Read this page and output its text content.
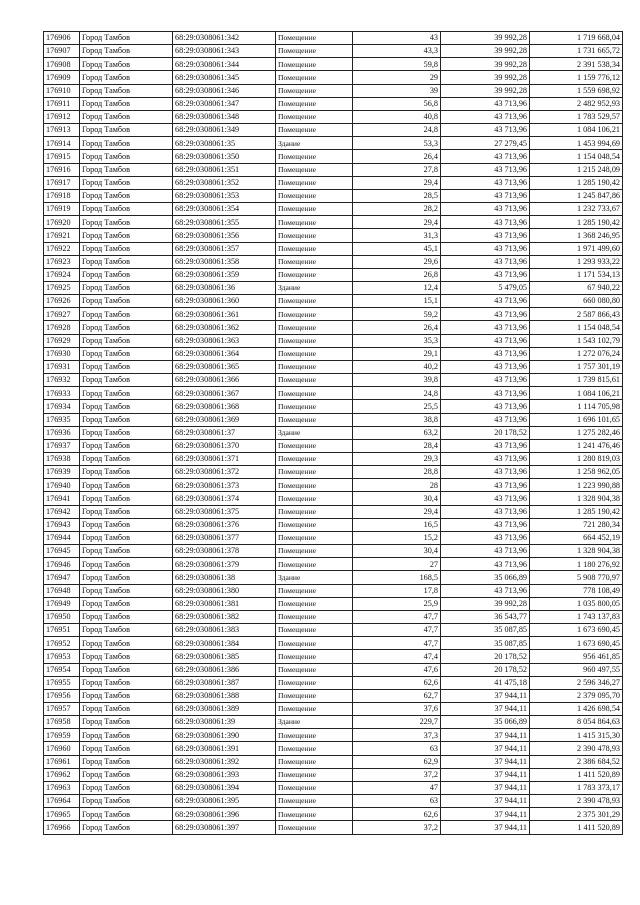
176906	Город Тамбов	68:29:0308061:342	Помещение	43	39 992,28	1 719 668,04
176907	Город Тамбов	68:29:0308061:343	Помещение	43,3	39 992,28	1 731 665,72
176908	Город Тамбов	68:29:0308061:344	Помещение	59,8	39 992,28	2 391 538,34
176909	Город Тамбов	68:29:0308061:345	Помещение	29	39 992,28	1 159 776,12
176910	Город Тамбов	68:29:0308061:346	Помещение	39	39 992,28	1 559 698,92
176911	Город Тамбов	68:29:0308061:347	Помещение	56,8	43 713,96	2 482 952,93
176912	Город Тамбов	68:29:0308061:348	Помещение	40,8	43 713,96	1 783 529,57
176913	Город Тамбов	68:29:0308061:349	Помещение	24,8	43 713,96	1 084 106,21
176914	Город Тамбов	68:29:0308061:35	Здание	53,3	27 279,45	1 453 994,69
176915	Город Тамбов	68:29:0308061:350	Помещение	26,4	43 713,96	1 154 048,54
176916	Город Тамбов	68:29:0308061:351	Помещение	27,8	43 713,96	1 215 248,09
176917	Город Тамбов	68:29:0308061:352	Помещение	29,4	43 713,96	1 285 190,42
176918	Город Тамбов	68:29:0308061:353	Помещение	28,5	43 713,96	1 245 847,86
176919	Город Тамбов	68:29:0308061:354	Помещение	28,2	43 713,96	1 232 733,67
176920	Город Тамбов	68:29:0308061:355	Помещение	29,4	43 713,96	1 285 190,42
176921	Город Тамбов	68:29:0308061:356	Помещение	31,3	43 713,96	1 368 246,95
176922	Город Тамбов	68:29:0308061:357	Помещение	45,1	43 713,96	1 971 499,60
176923	Город Тамбов	68:29:0308061:358	Помещение	29,6	43 713,96	1 293 933,22
176924	Город Тамбов	68:29:0308061:359	Помещение	26,8	43 713,96	1 171 534,13
176925	Город Тамбов	68:29:0308061:36	Здание	12,4	5 479,05	67 940,22
176926	Город Тамбов	68:29:0308061:360	Помещение	15,1	43 713,96	660 080,80
176927	Город Тамбов	68:29:0308061:361	Помещение	59,2	43 713,96	2 587 866,43
176928	Город Тамбов	68:29:0308061:362	Помещение	26,4	43 713,96	1 154 048,54
176929	Город Тамбов	68:29:0308061:363	Помещение	35,3	43 713,96	1 543 102,79
176930	Город Тамбов	68:29:0308061:364	Помещение	29,1	43 713,96	1 272 076,24
176931	Город Тамбов	68:29:0308061:365	Помещение	40,2	43 713,96	1 757 301,19
176932	Город Тамбов	68:29:0308061:366	Помещение	39,8	43 713,96	1 739 815,61
176933	Город Тамбов	68:29:0308061:367	Помещение	24,8	43 713,96	1 084 106,21
176934	Город Тамбов	68:29:0308061:368	Помещение	25,5	43 713,96	1 114 705,98
176935	Город Тамбов	68:29:0308061:369	Помещение	38,8	43 713,96	1 696 101,65
176936	Город Тамбов	68:29:0308061:37	Здание	63,2	20 178,52	1 275 282,46
176937	Город Тамбов	68:29:0308061:370	Помещение	28,4	43 713,96	1 241 476,46
176938	Город Тамбов	68:29:0308061:371	Помещение	29,3	43 713,96	1 280 819,03
176939	Город Тамбов	68:29:0308061:372	Помещение	28,8	43 713,96	1 258 962,05
176940	Город Тамбов	68:29:0308061:373	Помещение	28	43 713,96	1 223 990,88
176941	Город Тамбов	68:29:0308061:374	Помещение	30,4	43 713,96	1 328 904,38
176942	Город Тамбов	68:29:0308061:375	Помещение	29,4	43 713,96	1 285 190,42
176943	Город Тамбов	68:29:0308061:376	Помещение	16,5	43 713,96	721 280,34
176944	Город Тамбов	68:29:0308061:377	Помещение	15,2	43 713,96	664 452,19
176945	Город Тамбов	68:29:0308061:378	Помещение	30,4	43 713,96	1 328 904,38
176946	Город Тамбов	68:29:0308061:379	Помещение	27	43 713,96	1 180 276,92
176947	Город Тамбов	68:29:0308061:38	Здание	168,5	35 066,89	5 908 770,97
176948	Город Тамбов	68:29:0308061:380	Помещение	17,8	43 713,96	778 108,49
176949	Город Тамбов	68:29:0308061:381	Помещение	25,9	39 992,28	1 035 800,05
176950	Город Тамбов	68:29:0308061:382	Помещение	47,7	36 543,77	1 743 137,83
176951	Город Тамбов	68:29:0308061:383	Помещение	47,7	35 087,85	1 673 690,45
176952	Город Тамбов	68:29:0308061:384	Помещение	47,7	35 087,85	1 673 690,45
176953	Город Тамбов	68:29:0308061:385	Помещение	47,4	20 178,52	956 461,85
176954	Город Тамбов	68:29:0308061:386	Помещение	47,6	20 178,52	960 497,55
176955	Город Тамбов	68:29:0308061:387	Помещение	62,6	41 475,18	2 596 346,27
176956	Город Тамбов	68:29:0308061:388	Помещение	62,7	37 944,11	2 379 095,70
176957	Город Тамбов	68:29:0308061:389	Помещение	37,6	37 944,11	1 426 698,54
176958	Город Тамбов	68:29:0308061:39	Здание	229,7	35 066,89	8 054 864,63
176959	Город Тамбов	68:29:0308061:390	Помещение	37,3	37 944,11	1 415 315,30
176960	Город Тамбов	68:29:0308061:391	Помещение	63	37 944,11	2 390 478,93
176961	Город Тамбов	68:29:0308061:392	Помещение	62,9	37 944,11	2 386 684,52
176962	Город Тамбов	68:29:0308061:393	Помещение	37,2	37 944,11	1 411 520,89
176963	Город Тамбов	68:29:0308061:394	Помещение	47	37 944,11	1 783 373,17
176964	Город Тамбов	68:29:0308061:395	Помещение	63	37 944,11	2 390 478,93
176965	Город Тамбов	68:29:0308061:396	Помещение	62,6	37 944,11	2 375 301,29
176966	Город Тамбов	68:29:0308061:397	Помещение	37,2	37 944,11	1 411 520,89
